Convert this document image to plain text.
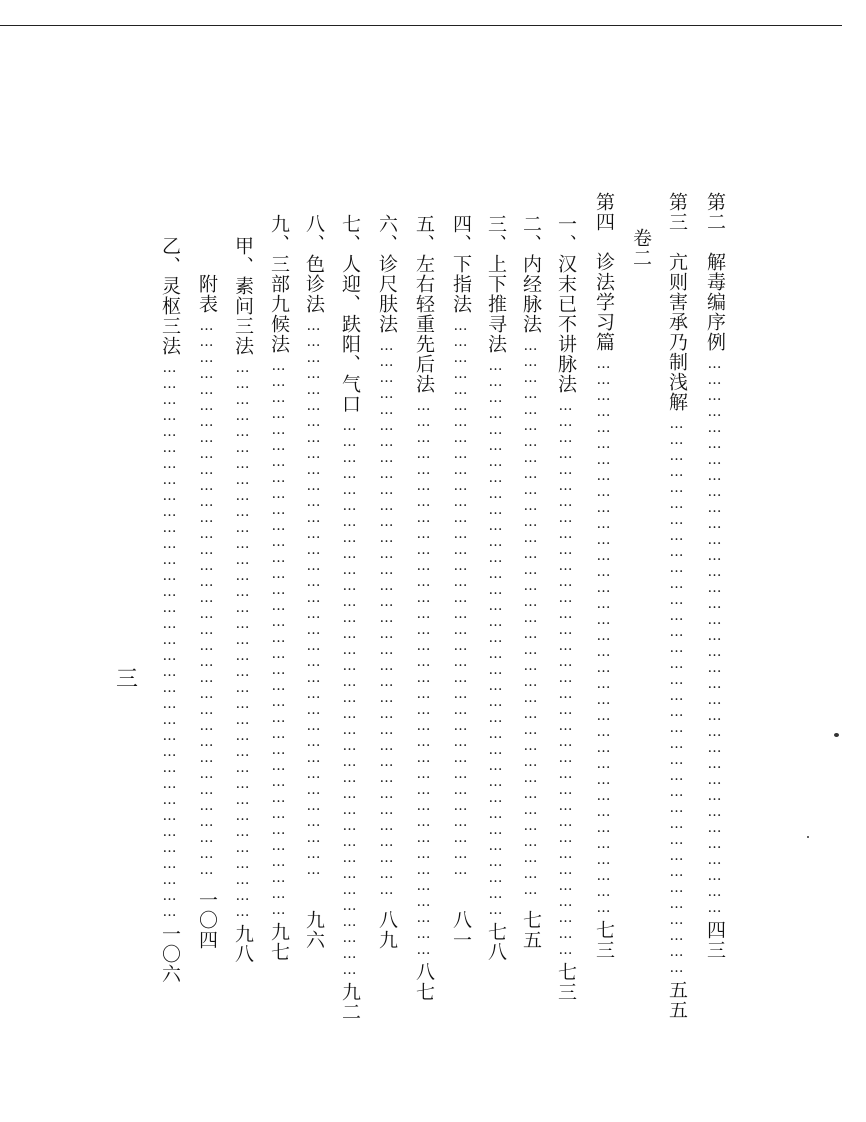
第二　解毒编序例
……………………………………………………………………………………………
四三
第三　亢则害承乃制浅解
……………………………………………………………………………………………
五五
卷二
第四　诊法学习篇
……………………………………………………………………………………………
七三
一、汉末已不讲脉法
……………………………………………………………………………………………
七三
二、内经脉法
……………………………………………………………………………………………
七五
三、上下推寻法
……………………………………………………………………………………………
七八
四、下指法
……………………………………………………………………………………………
八一
五、左右轻重先后法
……………………………………………………………………………………………
八七
六、诊尺肤法
……………………………………………………………………………………………
八九
七、人迎、趺阳、气口
……………………………………………………………………………………………
九二
八、色诊法
……………………………………………………………………………………………
九六
九、三部九候法
……………………………………………………………………………………………
九七
甲、素问三法
……………………………………………………………………………………………
九八
附表
……………………………………………………………………………………………
一〇四
乙、灵枢三法
……………………………………………………………………………………………
一〇六
三
